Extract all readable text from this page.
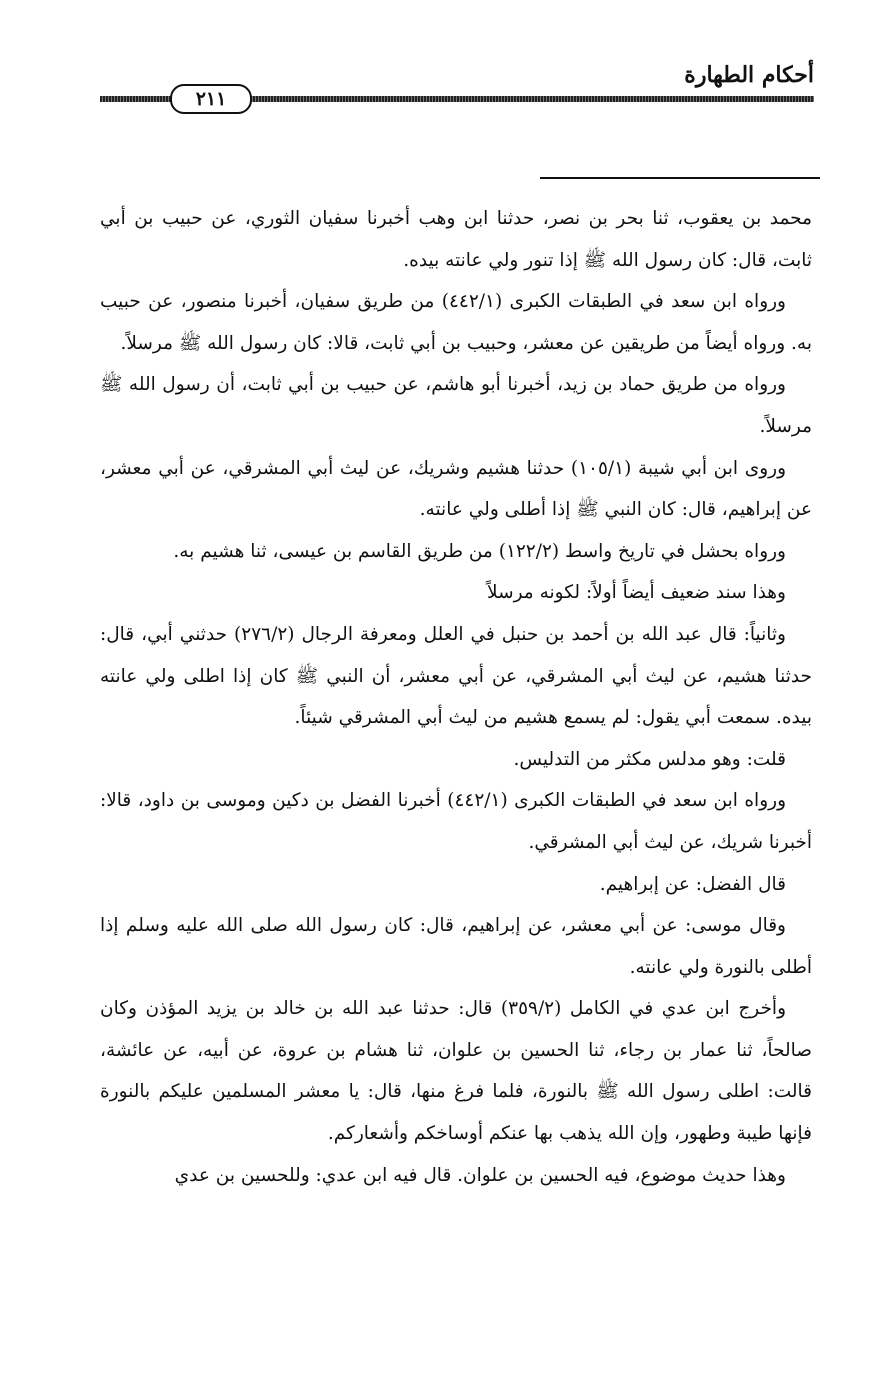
أحكام الطهارة
٢١١

محمد بن يعقوب، ثنا بحر بن نصر، حدثنا ابن وهب أخبرنا سفيان الثوري، عن حبيب بن أبي ثابت، قال: كان رسول الله ﷺ إذا تنور ولي عانته بيده.

ورواه ابن سعد في الطبقات الكبرى (٤٤٢/١) من طريق سفيان، أخبرنا منصور، عن حبيب به. ورواه أيضاً من طريقين عن معشر، وحبيب بن أبي ثابت، قالا: كان رسول الله ﷺ مرسلاً.

ورواه من طريق حماد بن زيد، أخبرنا أبو هاشم، عن حبيب بن أبي ثابت، أن رسول الله ﷺ مرسلاً.

وروى ابن أبي شيبة (١٠٥/١) حدثنا هشيم وشريك، عن ليث أبي المشرقي، عن أبي معشر، عن إبراهيم، قال: كان النبي ﷺ إذا أطلى ولي عانته.

ورواه بحشل في تاريخ واسط (١٢٢/٢) من طريق القاسم بن عيسى، ثنا هشيم به.

وهذا سند ضعيف أيضاً أولاً: لكونه مرسلاً

وثانياً: قال عبد الله بن أحمد بن حنبل في العلل ومعرفة الرجال (٢٧٦/٢) حدثني أبي، قال: حدثنا هشيم، عن ليث أبي المشرقي، عن أبي معشر، أن النبي ﷺ كان إذا اطلى ولي عانته بيده. سمعت أبي يقول: لم يسمع هشيم من ليث أبي المشرقي شيئاً.

قلت: وهو مدلس مكثر من التدليس.

ورواه ابن سعد في الطبقات الكبرى (٤٤٢/١) أخبرنا الفضل بن دكين وموسى بن داود، قالا: أخبرنا شريك، عن ليث أبي المشرقي.

قال الفضل: عن إبراهيم.

وقال موسى: عن أبي معشر، عن إبراهيم، قال: كان رسول الله صلى الله عليه وسلم إذا أطلى بالنورة ولي عانته.

وأخرج ابن عدي في الكامل (٣٥٩/٢) قال: حدثنا عبد الله بن خالد بن يزيد المؤذن وكان صالحاً، ثنا عمار بن رجاء، ثنا الحسين بن علوان، ثنا هشام بن عروة، عن أبيه، عن عائشة، قالت: اطلى رسول الله ﷺ بالنورة، فلما فرغ منها، قال: يا معشر المسلمين عليكم بالنورة فإنها طيبة وطهور، وإن الله يذهب بها عنكم أوساخكم وأشعاركم.

وهذا حديث موضوع، فيه الحسين بن علوان. قال فيه ابن عدي: وللحسين بن عدي
